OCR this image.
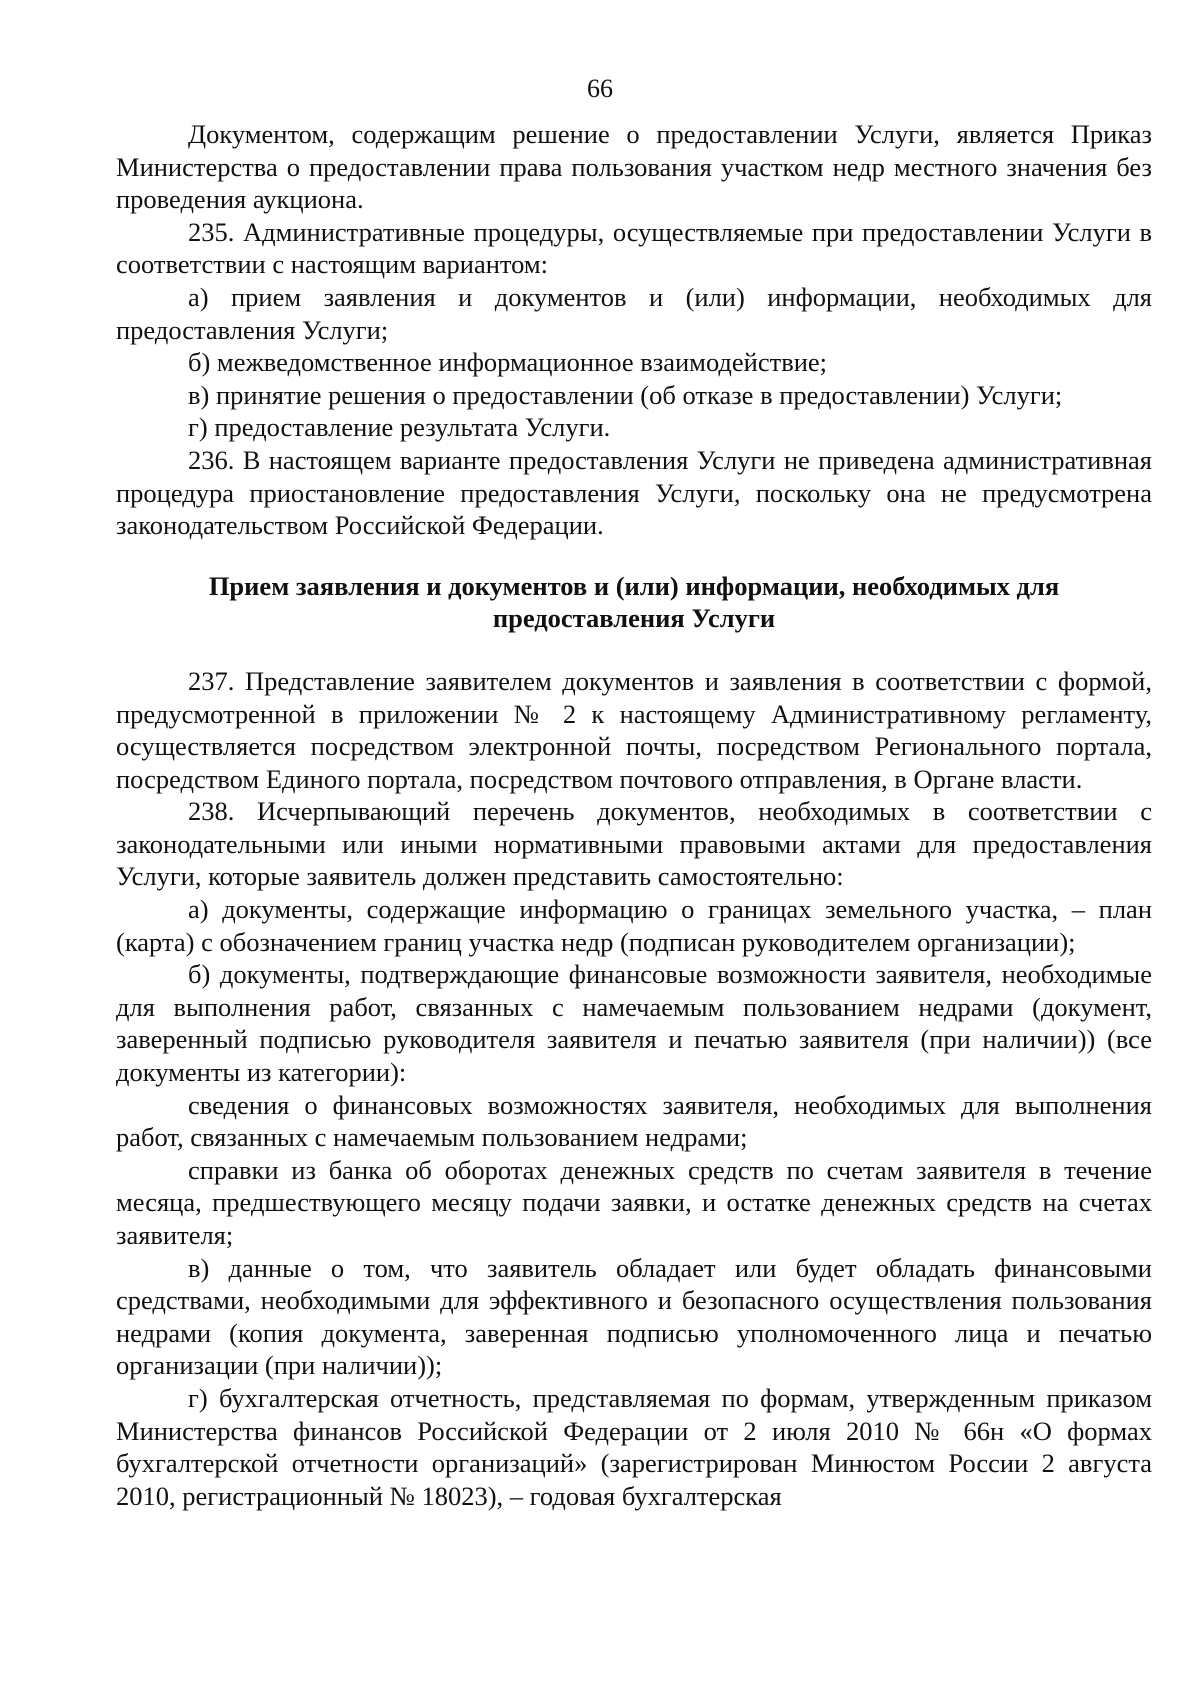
66

Документом, содержащим решение о предоставлении Услуги, является Приказ Министерства о предоставлении права пользования участком недр местного значения без проведения аукциона.

235. Административные процедуры, осуществляемые при предоставлении Услуги в соответствии с настоящим вариантом:

а) прием заявления и документов и (или) информации, необходимых для предоставления Услуги;

б) межведомственное информационное взаимодействие;

в) принятие решения о предоставлении (об отказе в предоставлении) Услуги;

г) предоставление результата Услуги.

236. В настоящем варианте предоставления Услуги не приведена административная процедура приостановление предоставления Услуги, поскольку она не предусмотрена законодательством Российской Федерации.

Прием заявления и документов и (или) информации, необходимых для предоставления Услуги

237. Представление заявителем документов и заявления в соответствии с формой, предусмотренной в приложении № 2 к настоящему Административному регламенту, осуществляется посредством электронной почты, посредством Регионального портала, посредством Единого портала, посредством почтового отправления, в Органе власти.

238. Исчерпывающий перечень документов, необходимых в соответствии с законодательными или иными нормативными правовыми актами для предоставления Услуги, которые заявитель должен представить самостоятельно:

а) документы, содержащие информацию о границах земельного участка, – план (карта) с обозначением границ участка недр (подписан руководителем организации);

б) документы, подтверждающие финансовые возможности заявителя, необходимые для выполнения работ, связанных с намечаемым пользованием недрами (документ, заверенный подписью руководителя заявителя и печатью заявителя (при наличии)) (все документы из категории):

сведения о финансовых возможностях заявителя, необходимых для выполнения работ, связанных с намечаемым пользованием недрами;

справки из банка об оборотах денежных средств по счетам заявителя в течение месяца, предшествующего месяцу подачи заявки, и остатке денежных средств на счетах заявителя;

в) данные о том, что заявитель обладает или будет обладать финансовыми средствами, необходимыми для эффективного и безопасного осуществления пользования недрами (копия документа, заверенная подписью уполномоченного лица и печатью организации (при наличии));

г) бухгалтерская отчетность, представляемая по формам, утвержденным приказом Министерства финансов Российской Федерации от 2 июля 2010 № 66н «О формах бухгалтерской отчетности организаций» (зарегистрирован Минюстом России 2 августа 2010, регистрационный № 18023), – годовая бухгалтерская
